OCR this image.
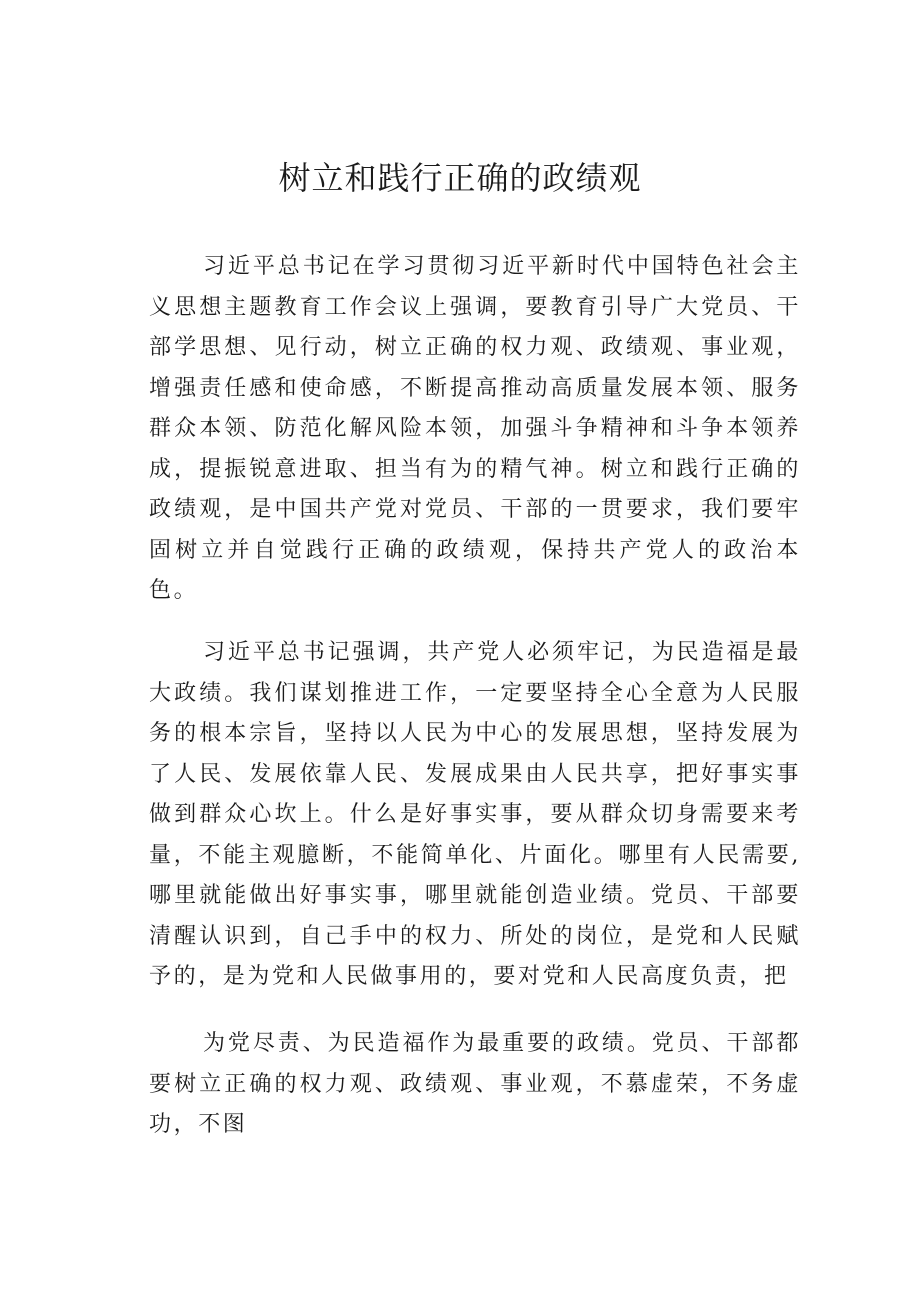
树立和践行正确的政绩观

习近平总书记在学习贯彻习近平新时代中国特色社会主义思想主题教育工作会议上强调，要教育引导广大党员、干部学思想、见行动，树立正确的权力观、政绩观、事业观，增强责任感和使命感，不断提高推动高质量发展本领、服务群众本领、防范化解风险本领，加强斗争精神和斗争本领养成，提振锐意进取、担当有为的精气神。树立和践行正确的政绩观，是中国共产党对党员、干部的一贯要求，我们要牢固树立并自觉践行正确的政绩观，保持共产党人的政治本色。

习近平总书记强调，共产党人必须牢记，为民造福是最大政绩。我们谋划推进工作，一定要坚持全心全意为人民服务的根本宗旨，坚持以人民为中心的发展思想，坚持发展为了人民、发展依靠人民、发展成果由人民共享，把好事实事做到群众心坎上。什么是好事实事，要从群众切身需要来考量，不能主观臆断，不能简单化、片面化。哪里有人民需要,哪里就能做出好事实事，哪里就能创造业绩。党员、干部要清醒认识到，自己手中的权力、所处的岗位，是党和人民赋予的，是为党和人民做事用的，要对党和人民高度负责，把

为党尽责、为民造福作为最重要的政绩。党员、干部都要树立正确的权力观、政绩观、事业观，不慕虚荣，不务虚功，不图
